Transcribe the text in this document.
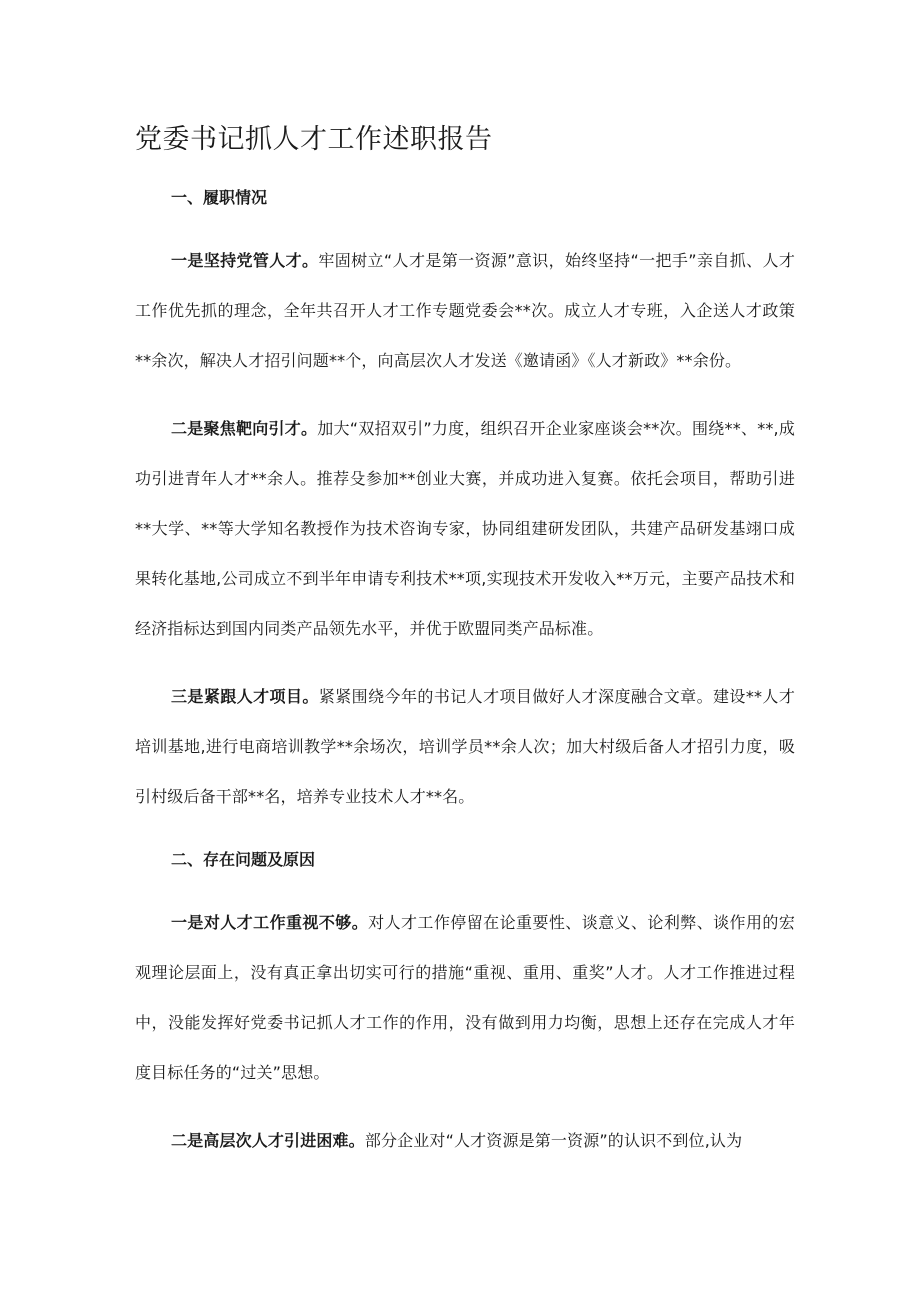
党委书记抓人才工作述职报告
一、履职情况

一是坚持党管人才。牢固树立“人才是第一资源”意识，始终坚持“一把手”亲自抓、人才工作优先抓的理念，全年共召开人才工作专题党委会**次。成立人才专班，入企送人才政策**余次，解决人才招引问题**个，向高层次人才发送《邀请函》《人才新政》**余份。

二是聚焦靶向引才。加大“双招双引”力度，组织召开企业家座谈会**次。围绕**、**,成功引进青年人才**余人。推荐殳参加**创业大赛，并成功进入复赛。依托会项目，帮助引进**大学、**等大学知名教授作为技术咨询专家，协同组建研发团队，共建产品研发基翊口成果转化基地,公司成立不到半年申请专利技术**项,实现技术开发收入**万元，主要产品技术和经济指标达到国内同类产品领先水平，并优于欧盟同类产品标准。

三是紧跟人才项目。紧紧围绕今年的书记人才项目做好人才深度融合文章。建设**人才培训基地,进行电商培训教学**余场次，培训学员**余人次；加大村级后备人才招引力度，吸引村级后备干部**名，培养专业技术人才**名。

二、存在问题及原因

一是对人才工作重视不够。对人才工作停留在论重要性、谈意义、论利弊、谈作用的宏观理论层面上，没有真正拿出切实可行的措施“重视、重用、重奖”人才。人才工作推进过程中，没能发挥好党委书记抓人才工作的作用，没有做到用力均衡，思想上还存在完成人才年度目标任务的“过关”思想。

二是高层次人才引进困难。部分企业对“人才资源是第一资源”的认识不到位,认为
